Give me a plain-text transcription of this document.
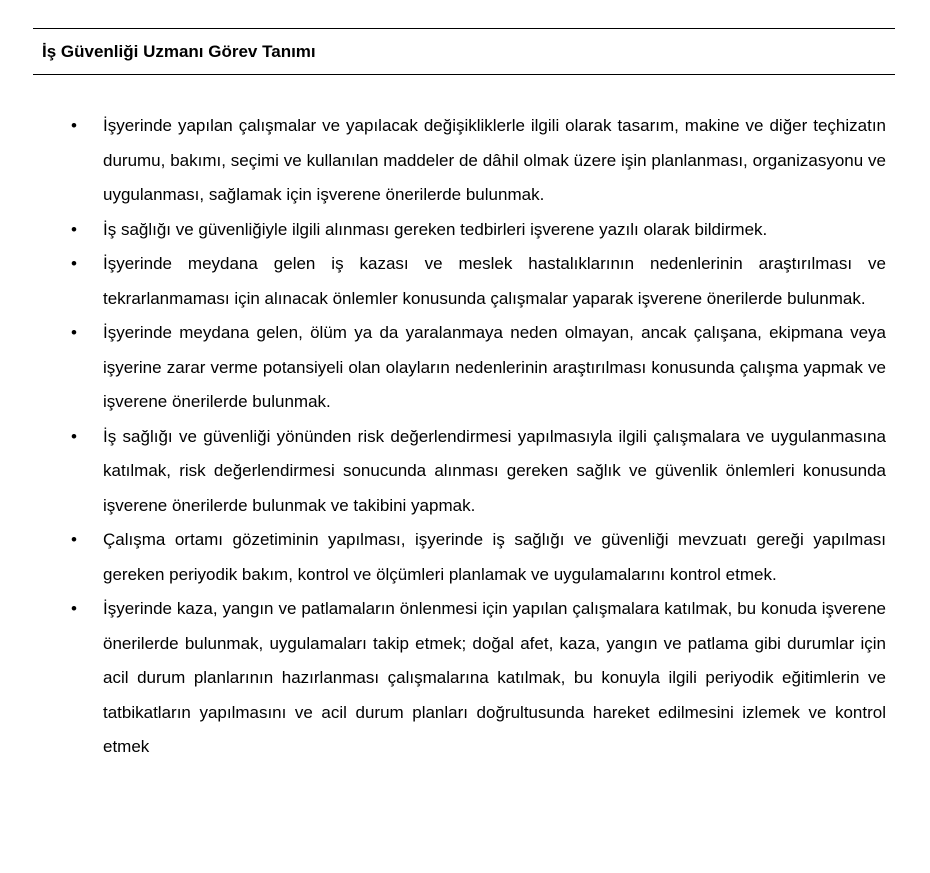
İş Güvenliği Uzmanı Görev Tanımı
• İşyerinde yapılan çalışmalar ve yapılacak değişikliklerle ilgili olarak tasarım, makine ve diğer teçhizatın durumu, bakımı, seçimi ve kullanılan maddeler de dâhil olmak üzere işin planlanması, organizasyonu ve uygulanması, sağlamak için işverene önerilerde bulunmak.
• İş sağlığı ve güvenliğiyle ilgili alınması gereken tedbirleri işverene yazılı olarak bildirmek.
• İşyerinde meydana gelen iş kazası ve meslek hastalıklarının nedenlerinin araştırılması ve tekrarlanmaması için alınacak önlemler konusunda çalışmalar yaparak işverene önerilerde bulunmak.
• İşyerinde meydana gelen, ölüm ya da yaralanmaya neden olmayan, ancak çalışana, ekipmana veya işyerine zarar verme potansiyeli olan olayların nedenlerinin araştırılması konusunda çalışma yapmak ve işverene önerilerde bulunmak.
• İş sağlığı ve güvenliği yönünden risk değerlendirmesi yapılmasıyla ilgili çalışmalara ve uygulanmasına katılmak, risk değerlendirmesi sonucunda alınması gereken sağlık ve güvenlik önlemleri konusunda işverene önerilerde bulunmak ve takibini yapmak.
• Çalışma ortamı gözetiminin yapılması, işyerinde iş sağlığı ve güvenliği mevzuatı gereği yapılması gereken periyodik bakım, kontrol ve ölçümleri planlamak ve uygulamalarını kontrol etmek.
• İşyerinde kaza, yangın ve patlamaların önlenmesi için yapılan çalışmalara katılmak, bu konuda işverene önerilerde bulunmak, uygulamaları takip etmek; doğal afet, kaza, yangın ve patlama gibi durumlar için acil durum planlarının hazırlanması çalışmalarına katılmak, bu konuyla ilgili periyodik eğitimlerin ve tatbikatların yapılmasını ve acil durum planları doğrultusunda hareket edilmesini izlemek ve kontrol etmek
